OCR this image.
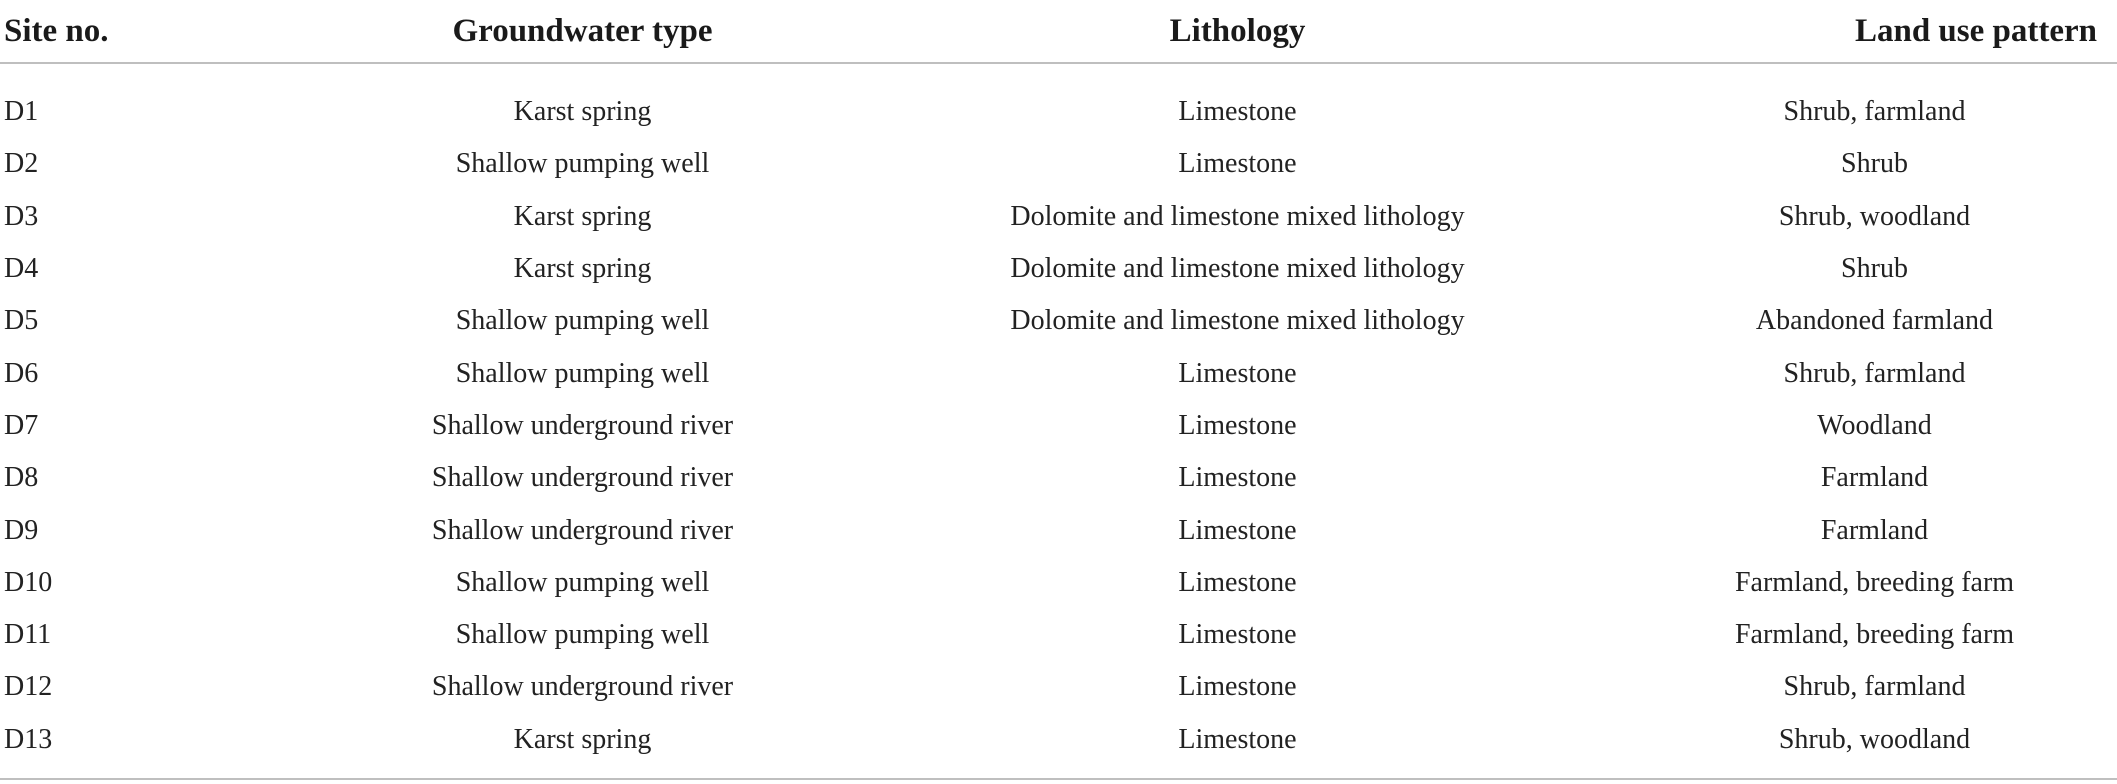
Site no.	Groundwater type	Lithology	Land use pattern
D1	Karst spring	Limestone	Shrub, farmland
D2	Shallow pumping well	Limestone	Shrub
D3	Karst spring	Dolomite and limestone mixed lithology	Shrub, woodland
D4	Karst spring	Dolomite and limestone mixed lithology	Shrub
D5	Shallow pumping well	Dolomite and limestone mixed lithology	Abandoned farmland
D6	Shallow pumping well	Limestone	Shrub, farmland
D7	Shallow underground river	Limestone	Woodland
D8	Shallow underground river	Limestone	Farmland
D9	Shallow underground river	Limestone	Farmland
D10	Shallow pumping well	Limestone	Farmland, breeding farm
D11	Shallow pumping well	Limestone	Farmland, breeding farm
D12	Shallow underground river	Limestone	Shrub, farmland
D13	Karst spring	Limestone	Shrub, woodland
